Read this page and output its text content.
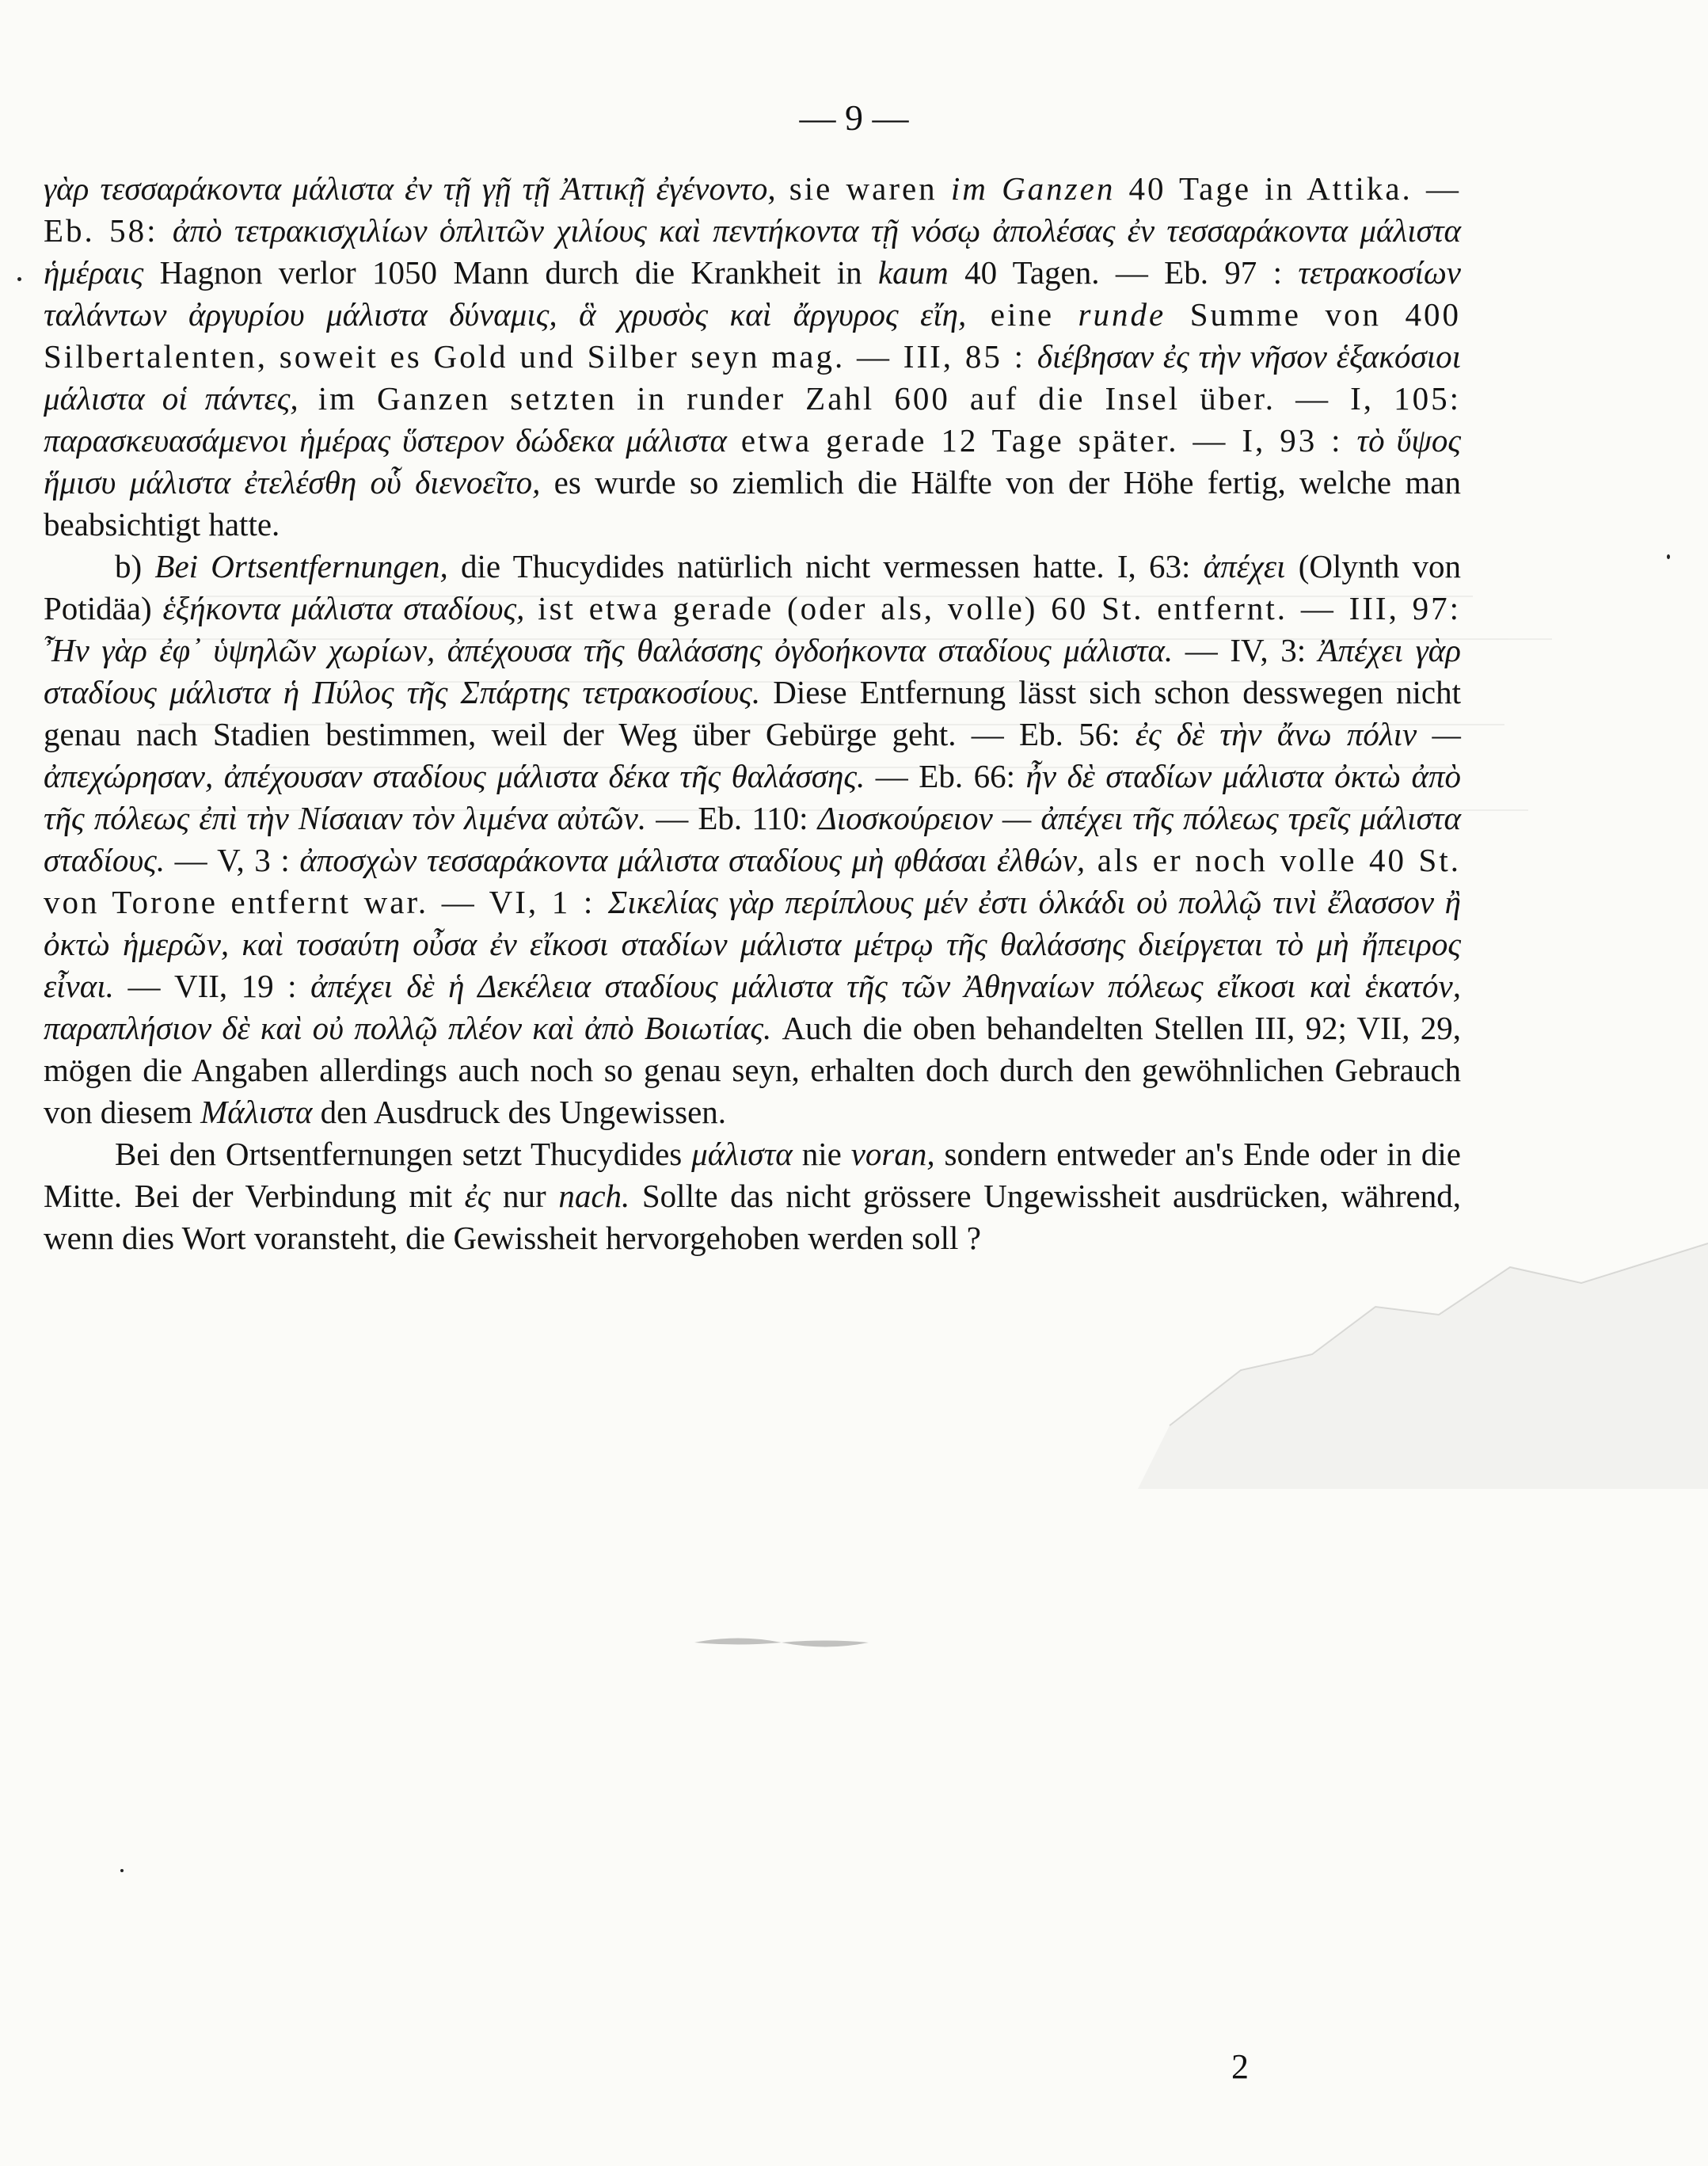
— 9 —

γὰρ τεσσαράκοντα μάλιστα ἐν τῇ γῇ τῇ Ἀττικῇ ἐγένοντο, sie waren im Ganzen 40 Tage in Attika. — Eb. 58: ἀπὸ τετρακισχιλίων ὁπλιτῶν χιλίους καὶ πεντήκοντα τῇ νόσῳ ἀπολέσας ἐν τεσσαράκοντα μάλιστα ἡμέραις Hagnon verlor 1050 Mann durch die Krankheit in kaum 40 Tagen. — Eb. 97 : τετρακοσίων ταλάντων ἀργυρίου μάλιστα δύναμις, ἃ χρυσὸς καὶ ἄργυρος εἴη, eine runde Summe von 400 Silbertalenten, soweit es Gold und Silber seyn mag. — III, 85 : διέβησαν ἐς τὴν νῆσον ἑξακόσιοι μάλιστα οἱ πάντες, im Ganzen setzten in runder Zahl 600 auf die Insel über. — I, 105: παρασκευασάμενοι ἡμέρας ὕστερον δώδεκα μάλιστα etwa gerade 12 Tage später. — I, 93 : τὸ ὕψος ἥμισυ μάλιστα ἐτελέσθη οὗ διενοεῖτο, es wurde so ziemlich die Hälfte von der Höhe fertig, welche man beabsichtigt hatte.

b) Bei Ortsentfernungen, die Thucydides natürlich nicht vermessen hatte. I, 63: ἀπέχει (Olynth von Potidäa) ἑξήκοντα μάλιστα σταδίους, ist etwa gerade (oder als, volle) 60 St. entfernt. — III, 97: Ἦν γὰρ ἐφ᾽ ὑψηλῶν χωρίων, ἀπέχουσα τῆς θαλάσσης ὀγδοήκοντα σταδίους μάλιστα. — IV, 3: Ἀπέχει γὰρ σταδίους μάλιστα ἡ Πύλος τῆς Σπάρτης τετρακοσίους. Diese Entfernung lässt sich schon desswegen nicht genau nach Stadien bestimmen, weil der Weg über Gebürge geht. — Eb. 56: ἐς δὲ τὴν ἄνω πόλιν — ἀπεχώρησαν, ἀπέχουσαν σταδίους μάλιστα δέκα τῆς θαλάσσης. — Eb. 66: ἦν δὲ σταδίων μάλιστα ὀκτὼ ἀπὸ τῆς πόλεως ἐπὶ τὴν Νίσαιαν τὸν λιμένα αὐτῶν. — Eb. 110: Διοσκούρειον — ἀπέχει τῆς πόλεως τρεῖς μάλιστα σταδίους. — V, 3 : ἀποσχὼν τεσσαράκοντα μάλιστα σταδίους μὴ φθάσαι ἐλθών, als er noch volle 40 St. von Torone entfernt war. — VI, 1 : Σικελίας γὰρ περίπλους μέν ἐστι ὁλκάδι οὐ πολλῷ τινὶ ἔλασσον ἢ ὀκτὼ ἡμερῶν, καὶ τοσαύτη οὖσα ἐν εἴκοσι σταδίων μάλιστα μέτρῳ τῆς θαλάσσης διείργεται τὸ μὴ ἤπειρος εἶναι. — VII, 19 : ἀπέχει δὲ ἡ Δεκέλεια σταδίους μάλιστα τῆς τῶν Ἀθηναίων πόλεως εἴκοσι καὶ ἑκατόν, παραπλήσιον δὲ καὶ οὐ πολλῷ πλέον καὶ ἀπὸ Βοιωτίας. Auch die oben behandelten Stellen III, 92; VII, 29, mögen die Angaben allerdings auch noch so genau seyn, erhalten doch durch den gewöhnlichen Gebrauch von diesem Μάλιστα den Ausdruck des Ungewissen.

Bei den Ortsentfernungen setzt Thucydides μάλιστα nie voran, sondern entweder an's Ende oder in die Mitte. Bei der Verbindung mit ἐς nur nach. Sollte das nicht grössere Ungewissheit ausdrücken, während, wenn dies Wort voransteht, die Gewissheit hervorgehoben werden soll ?

2
